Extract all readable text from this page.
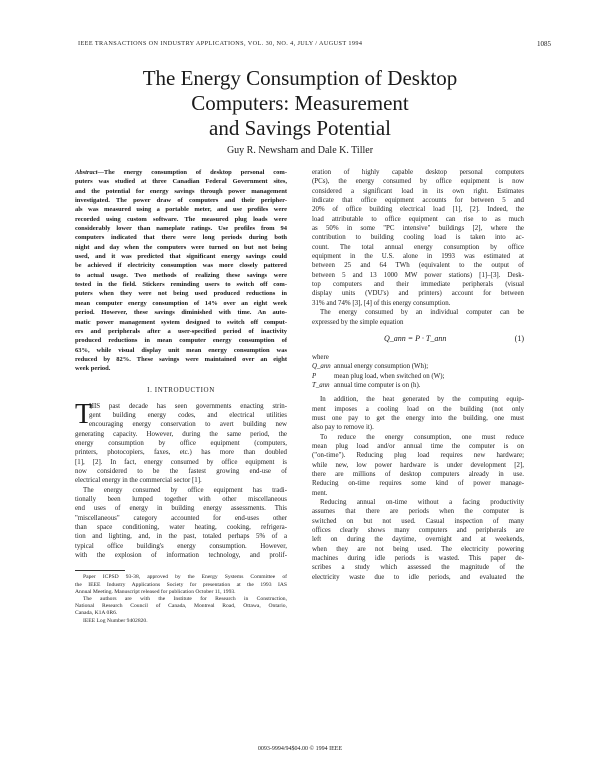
IEEE TRANSACTIONS ON INDUSTRY APPLICATIONS, VOL. 30, NO. 4, JULY / AUGUST 1994	1085
The Energy Consumption of Desktop
Computers: Measurement
and Savings Potential
Guy R. Newsham and Dale K. Tiller
Abstract—The energy consumption of desktop personal com-
puters was studied at three Canadian Federal Government sites,
and the potential for energy savings through power management
investigated. The power draw of computers and their peripher-
als was measured using a portable meter, and use profiles were
recorded using custom software. The measured plug loads were
considerably lower than nameplate ratings. Use profiles from 94
computers indicated that there were long periods during both
night and day when the computers were turned on but not being
used, and it was predicted that significant energy savings could
be achieved if electricity consumption was more closely pattered
to actual usage. Two methods of realizing these savings were
tested in the field. Stickers reminding users to switch off com-
puters when they were not being used produced reductions in
mean computer energy consumption of 14% over an eight week
period. However, these savings diminished with time. An auto-
matic power management system designed to switch off comput-
ers and peripherals after a user-specified period of inactivity
produced reductions in mean computer energy consumption of
63%, while visual display unit mean energy consumption was
reduced by 82%. These savings were maintained over an eight
week period.
I. INTRODUCTION
T
HIS past decade has seen governments enacting strin-
gent building energy codes, and electrical utilities
encouraging energy conservation to avert building new
generating capacity. However, during the same period, the
energy consumption by office equipment (computers,
printers, photocopiers, faxes, etc.) has more than doubled
[1], [2]. In fact, energy consumed by office equipment is
now considered to be the fastest growing end-use of
electrical energy in the commercial sector [1].
The energy consumed by office equipment has tradi-
tionally been lumped together with other miscellaneous
end uses of energy in building energy assessments. This
"miscellaneous" category accounted for end-uses other
than space conditioning, water heating, cooking, refrigera-
tion and lighting, and, in the past, totaled perhaps 5% of a
typical office building's energy consumption. However,
with the explosion of information technology, and prolif-
Paper ICPSD 93-38, approved by the Energy Systems Committee of
the IEEE Industry Applications Society for presentation at the 1993 IAS
Annual Meeting. Manuscript released for publication October 11, 1993.
The authors are with the Institute for Research in Construction,
National Research Council of Canada, Montreal Road, Ottawa, Ontario,
Canada, K1A 0R6.
IEEE Log Number 9402820.
eration of highly capable desktop personal computers
(PCs), the energy consumed by office equipment is now
considered a significant load in its own right. Estimates
indicate that office equipment accounts for between 5 and
20% of office building electrical load [1], [2]. Indeed, the
load attributable to office equipment can rise to as much
as 50% in some "PC intensive" buildings [2], where the
contribution to building cooling load is taken into ac-
count. The total annual energy consumption by office
equipment in the U.S. alone in 1993 was estimated at
between 25 and 64 TWh (equivalent to the output of
between 5 and 13 1000 MW power stations) [1]–[3]. Desk-
top computers and their immediate peripherals (visual
display units (VDU's) and printers) account for between
31% and 74% [3], [4] of this energy consumption.
The energy consumed by an individual computer can be
expressed by the simple equation
Q_ann = P · T_ann	(1)
where
Q_ann annual energy consumption (Wh);
P	mean plug load, when switched on (W);
T_ann annual time computer is on (h).
In addition, the heat generated by the computing equip-
ment imposes a cooling load on the building (not only
must one pay to get the energy into the building, one must
also pay to remove it).
To reduce the energy consumption, one must reduce
mean plug load and/or annual time the computer is on
("on-time"). Reducing plug load requires new hardware;
while new, low power hardware is under development [2],
there are millions of desktop computers already in use.
Reducing on-time requires some kind of power manage-
ment.
Reducing annual on-time without a facing productivity
assumes that there are periods when the computer is
switched on but not used. Casual inspection of many
offices clearly shows many computers and peripherals are
left on during the daytime, overnight and at weekends,
when they are not being used. The electricity powering
machines during idle periods is wasted. This paper de-
scribes a study which assessed the magnitude of the
electricity waste due to idle periods, and evaluated the
0093-9994/94$04.00 © 1994 IEEE
